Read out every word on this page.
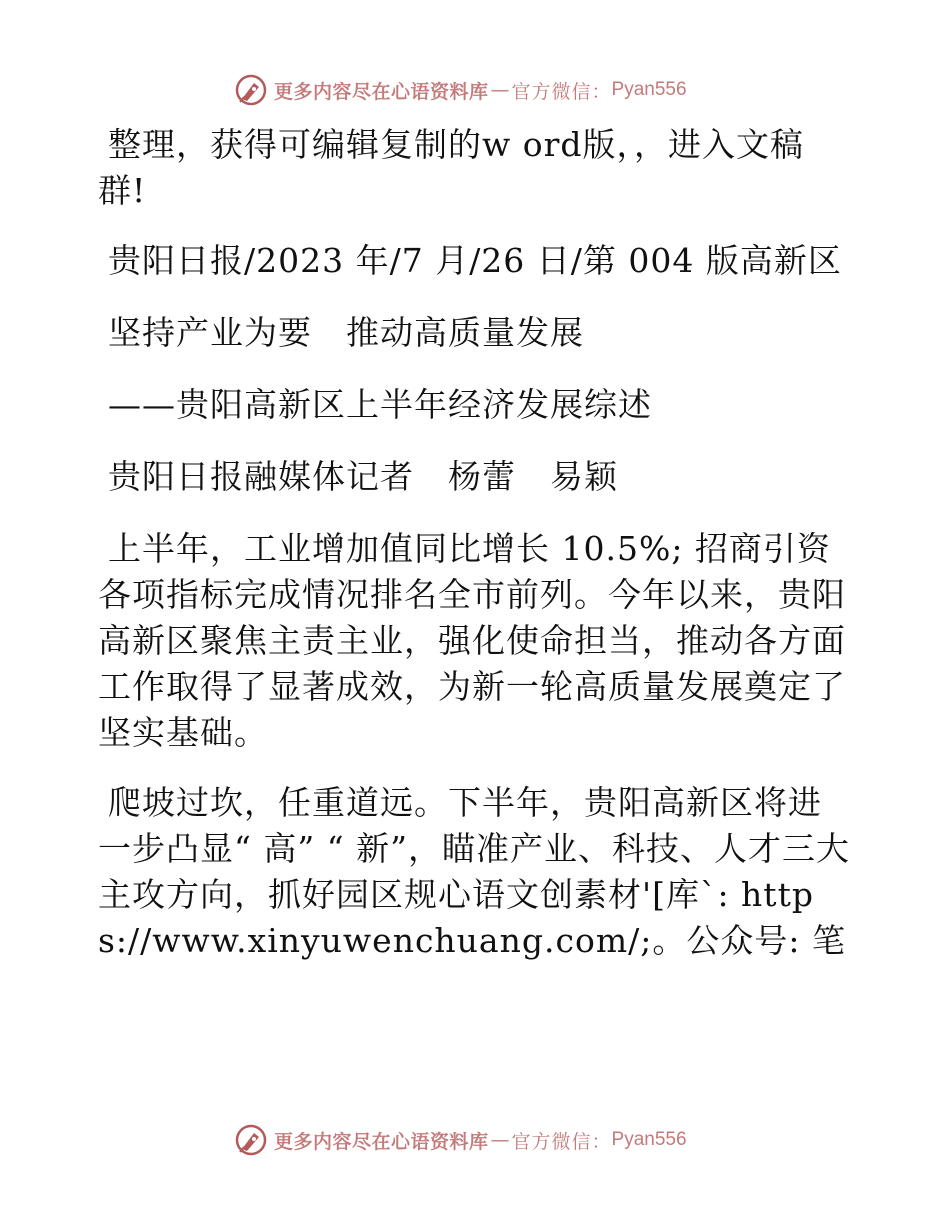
更多内容尽在心语资料库 — 官方微信： Pyan556

整理，获得可编辑复制的w ord版，，进入文稿群!

贵阳日报/2023 年/7 月/26 日/第 004 版高新区

坚持产业为要　推动高质量发展

——贵阳高新区上半年经济发展综述

贵阳日报融媒体记者　杨蕾　易颖

上半年，工业增加值同比增长 10.5%; 招商引资各项指标完成情况排名全市前列。今年以来，贵阳高新区聚焦主责主业，强化使命担当，推动各方面工作取得了显著成效，为新一轮高质量发展奠定了坚实基础。

爬坡过坎，任重道远。下半年，贵阳高新区将进一步凸显“ 高” “ 新”，瞄准产业、科技、人才三大主攻方向，抓好园区规心语文创素材'[库`: https://www.xinyuwenchuang.com/;。公众号: 笔

更多内容尽在心语资料库 — 官方微信： Pyan556
